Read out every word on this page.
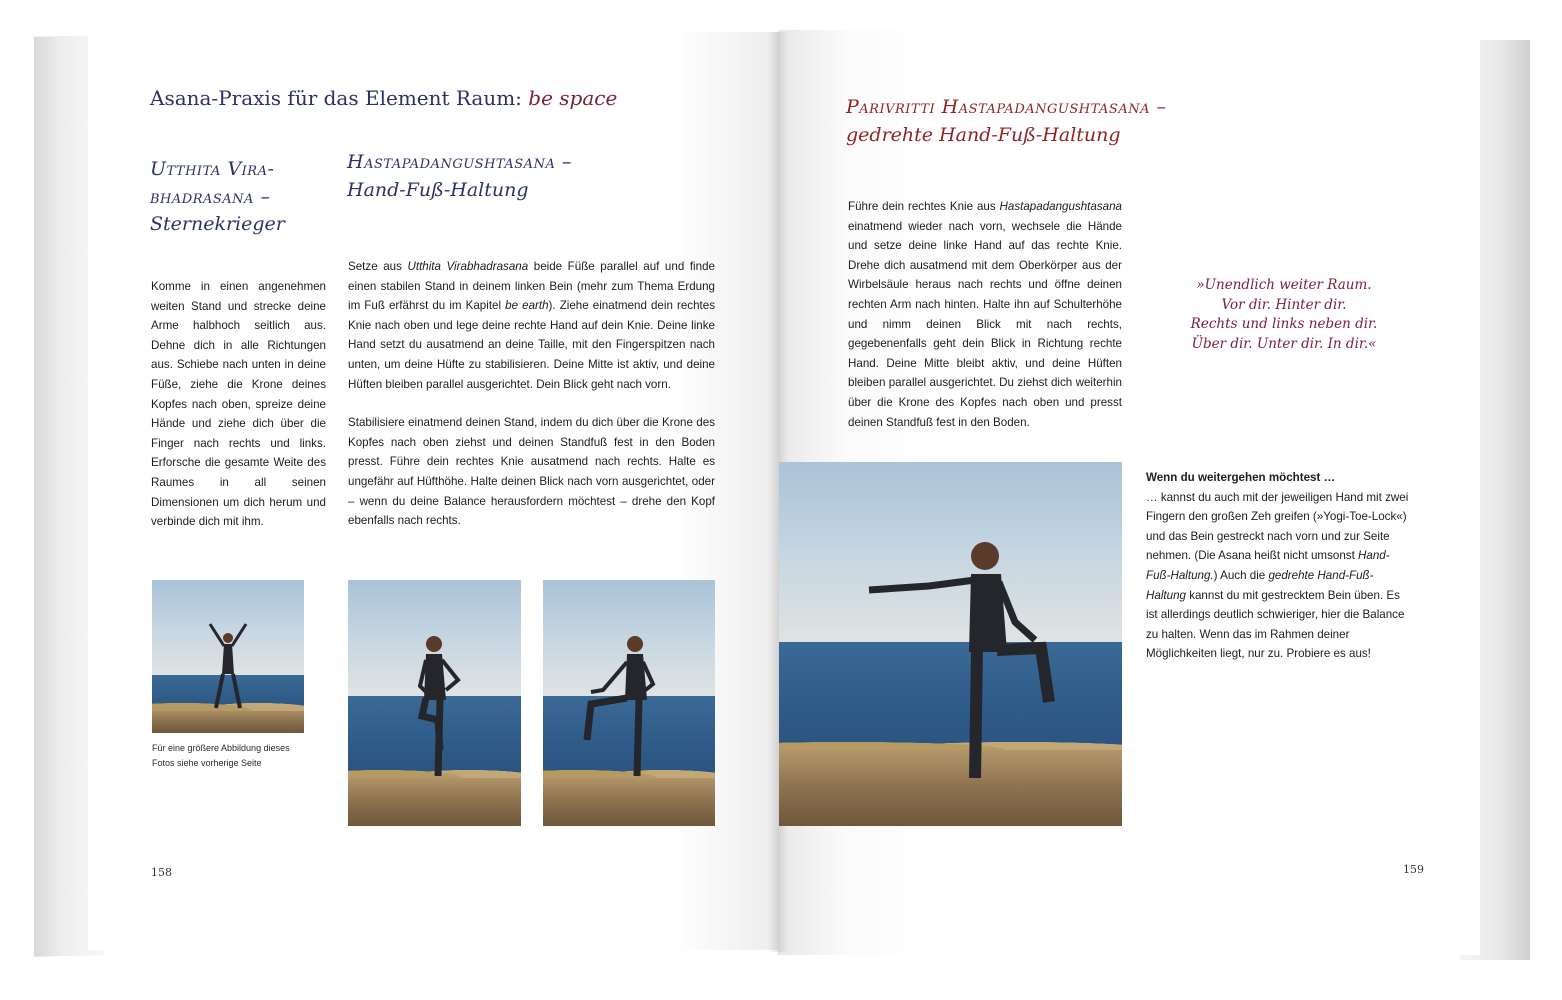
Asana-Praxis für das Element Raum: be space
Utthita Vira-
bhadrasana –
Sternekrieger
Hastapadangushtasana –
Hand-Fuß-Haltung

Komme in einen angenehmen weiten Stand und strecke deine Arme halbhoch seitlich aus. Dehne dich in alle Richtungen aus. Schiebe nach unten in deine Füße, ziehe die Krone deines Kopfes nach oben, spreize deine Hände und ziehe dich über die Finger nach rechts und links. Erforsche die gesamte Weite des Raumes in all seinen Dimensionen um dich herum und verbinde dich mit ihm.

Setze aus Utthita Virabhadrasana beide Füße parallel auf und finde einen stabilen Stand in deinem linken Bein (mehr zum Thema Erdung im Fuß erfährst du im Kapitel be earth). Ziehe einatmend dein rechtes Knie nach oben und lege deine rechte Hand auf dein Knie. Deine linke Hand setzt du ausatmend an deine Taille, mit den Fingerspitzen nach unten, um deine Hüfte zu stabilisieren. Deine Mitte ist aktiv, und deine Hüften bleiben parallel ausgerichtet. Dein Blick geht nach vorn.

Stabilisiere einatmend deinen Stand, indem du dich über die Krone des Kopfes nach oben ziehst und deinen Standfuß fest in den Boden presst. Führe dein rechtes Knie ausatmend nach rechts. Halte es ungefähr auf Hüfthöhe. Halte deinen Blick nach vorn ausgerichtet, oder – wenn du deine Balance herausfordern möchtest – drehe den Kopf ebenfalls nach rechts.

Für eine größere Abbildung dieses
Fotos siehe vorherige Seite
158
Parivritti Hastapadangushtasana –
gedrehte Hand-Fuß-Haltung

Führe dein rechtes Knie aus Hastapadangushtasana einatmend wieder nach vorn, wechsele die Hände und setze deine linke Hand auf das rechte Knie. Drehe dich ausatmend mit dem Oberkörper aus der Wirbelsäule heraus nach rechts und öffne deinen rechten Arm nach hinten. Halte ihn auf Schulterhöhe und nimm deinen Blick mit nach rechts, gegebenenfalls geht dein Blick in Richtung rechte Hand. Deine Mitte bleibt aktiv, und deine Hüften bleiben parallel ausgerichtet. Du ziehst dich weiterhin über die Krone des Kopfes nach oben und presst deinen Standfuß fest in den Boden.

»Unendlich weiter Raum.
Vor dir. Hinter dir.
Rechts und links neben dir.
Über dir. Unter dir. In dir.«

Wenn du weitergehen möchtest …
… kannst du auch mit der jeweiligen Hand mit zwei Fingern den großen Zeh greifen (»Yogi-Toe-Lock«) und das Bein gestreckt nach vorn und zur Seite nehmen. (Die Asana heißt nicht umsonst Hand-Fuß-Haltung.) Auch die gedrehte Hand-Fuß-Haltung kannst du mit gestrecktem Bein üben. Es ist allerdings deutlich schwieriger, hier die Balance zu halten. Wenn das im Rahmen deiner Möglichkeiten liegt, nur zu. Probiere es aus!

159
